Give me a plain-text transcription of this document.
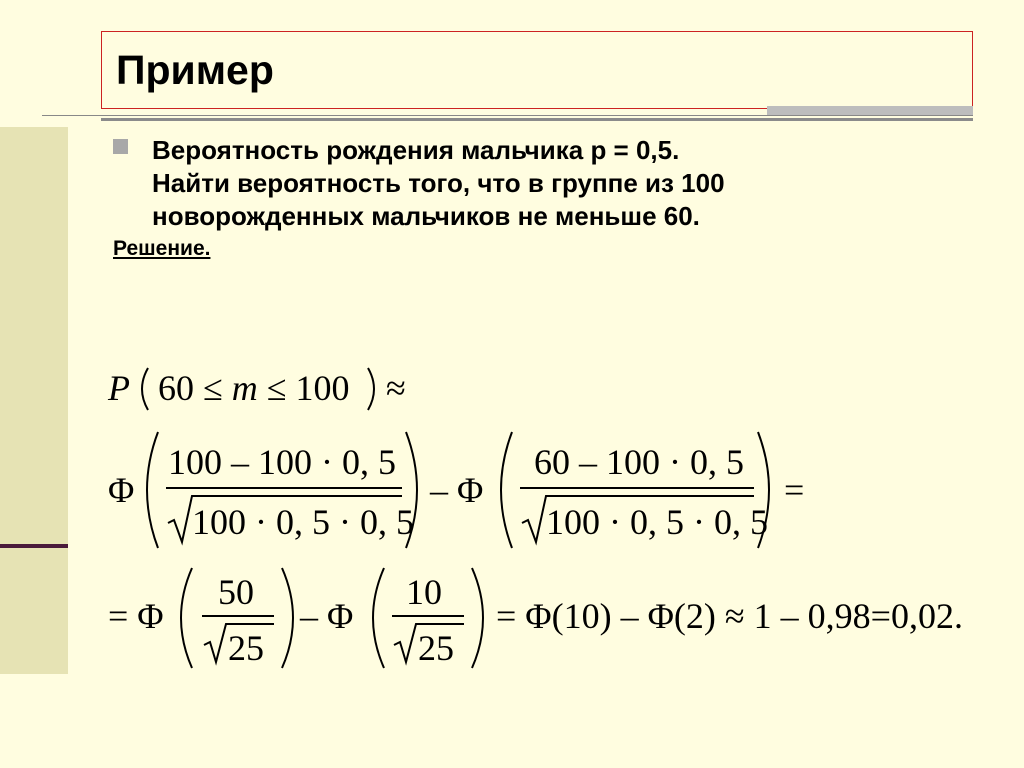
Пример
Вероятность рождения мальчика p = 0,5.
Найти вероятность того, что в группе из 100
новорожденных мальчиков не меньше 60.

Решение.

P 60 ≤ m ≤ 100 ≈
Φ
100 – 100 · 0, 5
100 · 0, 5 · 0, 5
– Φ
60 – 100 · 0, 5
100 · 0, 5 · 0, 5
=
= Φ
50
25
– Φ
10
25
= Φ(10) – Φ(2) ≈ 1 – 0,98=0,02.
